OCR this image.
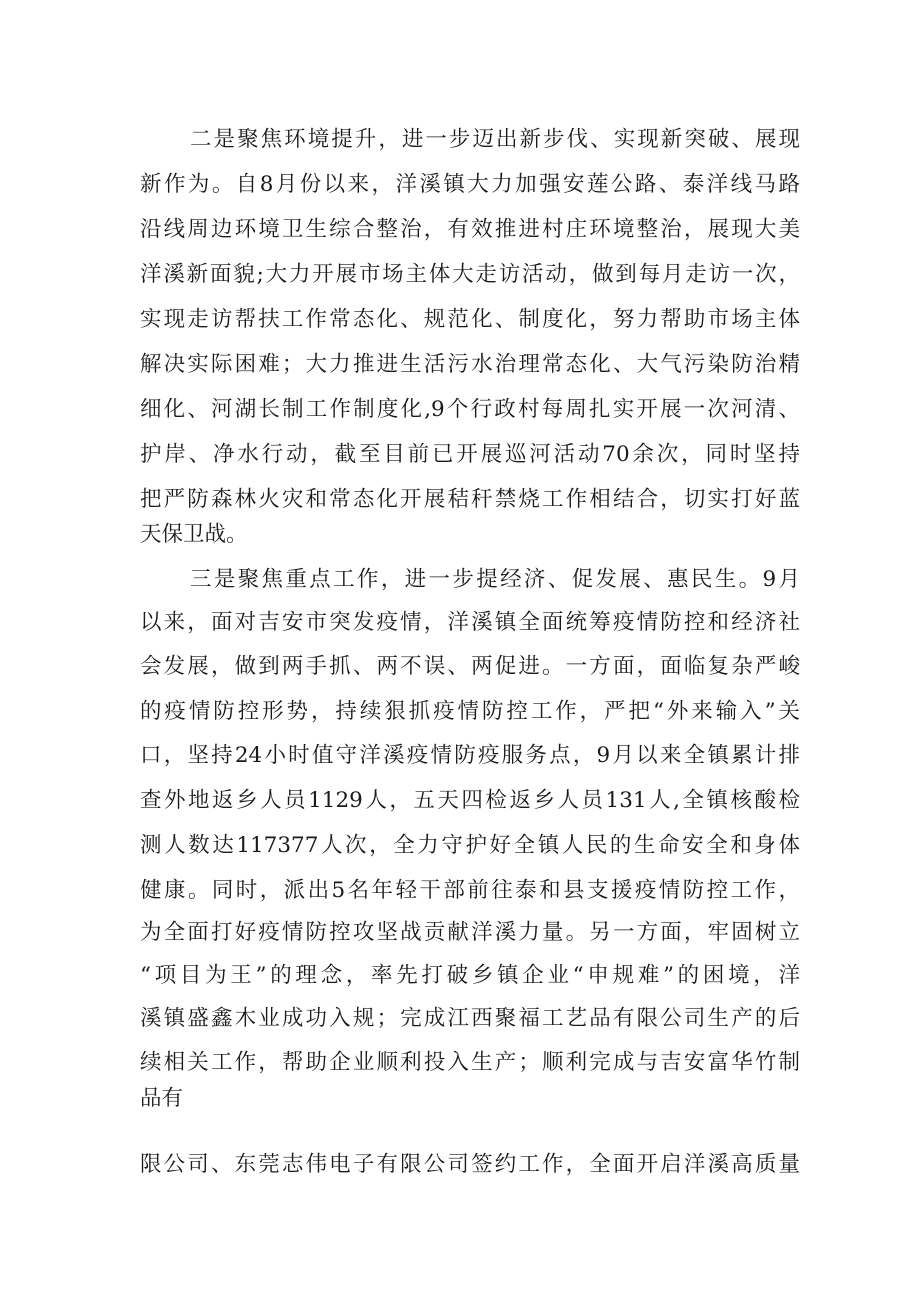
二是聚焦环境提升，进一步迈出新步伐、实现新突破、展现
新作为。自8月份以来，洋溪镇大力加强安莲公路、泰洋线马路
沿线周边环境卫生综合整治，有效推进村庄环境整治，展现大美
洋溪新面貌;大力开展市场主体大走访活动，做到每月走访一次，
实现走访帮扶工作常态化、规范化、制度化，努力帮助市场主体
解决实际困难；大力推进生活污水治理常态化、大气污染防治精
细化、河湖长制工作制度化,9个行政村每周扎实开展一次河清、
护岸、净水行动，截至目前已开展巡河活动70余次，同时坚持
把严防森林火灾和常态化开展秸秆禁烧工作相结合，切实打好蓝
天保卫战。
三是聚焦重点工作，进一步提经济、促发展、惠民生。9月
以来，面对吉安市突发疫情，洋溪镇全面统筹疫情防控和经济社
会发展，做到两手抓、两不误、两促进。一方面，面临复杂严峻
的疫情防控形势，持续狠抓疫情防控工作，严把“外来输入”关
口，坚持24小时值守洋溪疫情防疫服务点，9月以来全镇累计排
查外地返乡人员1129人，五天四检返乡人员131人,全镇核酸检
测人数达117377人次，全力守护好全镇人民的生命安全和身体
健康。同时，派出5名年轻干部前往泰和县支援疫情防控工作，
为全面打好疫情防控攻坚战贡献洋溪力量。另一方面，牢固树立
“项目为王”的理念，率先打破乡镇企业“申规难”的困境，洋
溪镇盛鑫木业成功入规；完成江西聚福工艺品有限公司生产的后
续相关工作，帮助企业顺利投入生产；顺利完成与吉安富华竹制
品有
限公司、东莞志伟电子有限公司签约工作，全面开启洋溪高质量
